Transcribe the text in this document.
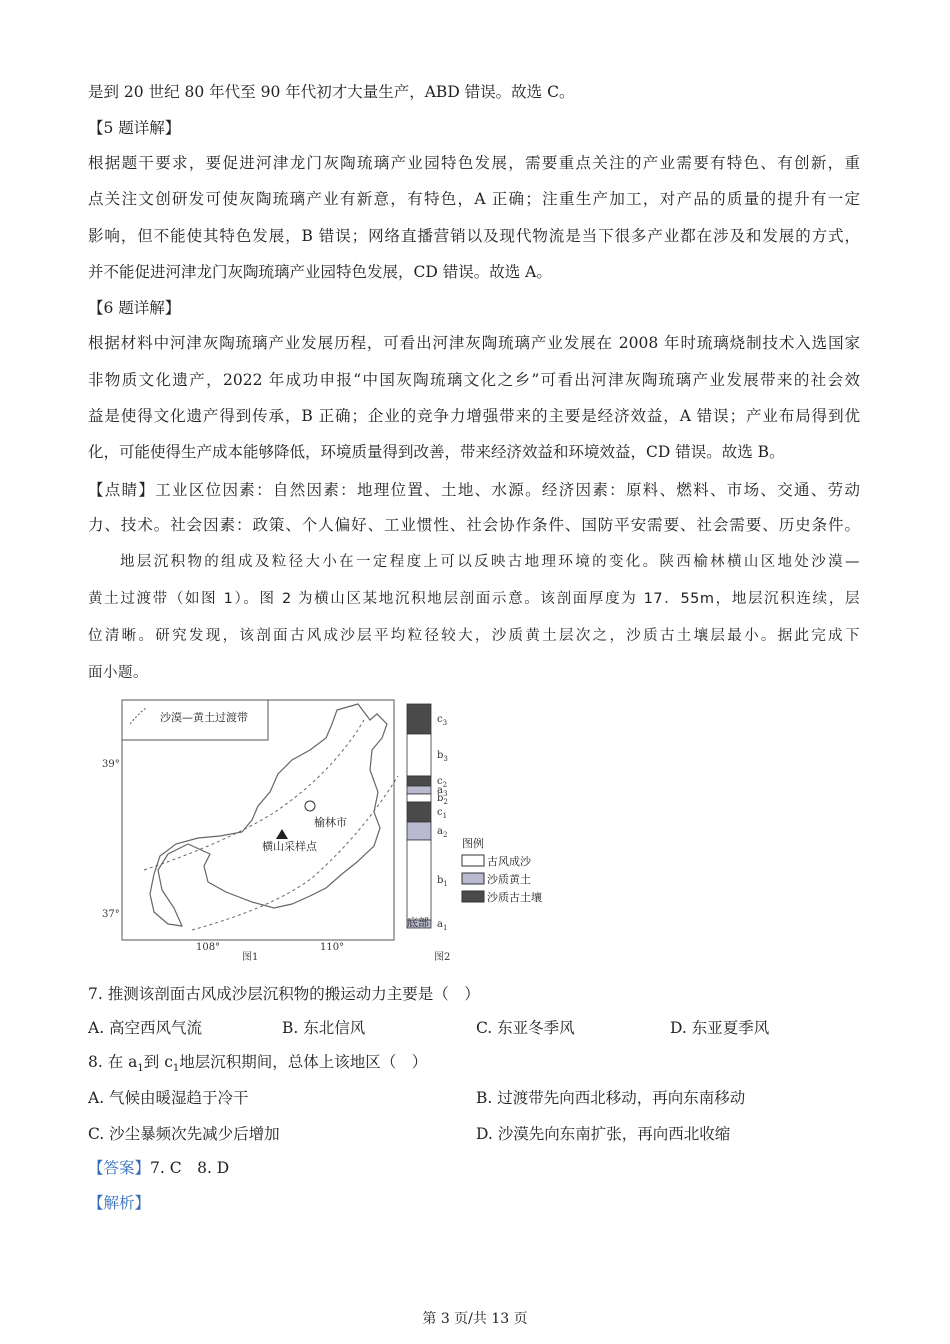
是到 20 世纪 80 年代至 90 年代初才大量生产，ABD 错误。故选 C。
【5 题详解】
根据题干要求，要促进河津龙门灰陶琉璃产业园特色发展，需要重点关注的产业需要有特色、有创新，重
点关注文创研发可使灰陶琉璃产业有新意，有特色，A 正确；注重生产加工，对产品的质量的提升有一定
影响，但不能使其特色发展，B 错误；网络直播营销以及现代物流是当下很多产业都在涉及和发展的方式，
并不能促进河津龙门灰陶琉璃产业园特色发展，CD 错误。故选 A。
【6 题详解】
根据材料中河津灰陶琉璃产业发展历程，可看出河津灰陶琉璃产业发展在 2008 年时琉璃烧制技术入选国家
非物质文化遗产，2022 年成功申报“中国灰陶琉璃文化之乡”可看出河津灰陶琉璃产业发展带来的社会效
益是使得文化遗产得到传承，B 正确；企业的竞争力增强带来的主要是经济效益，A 错误；产业布局得到优
化，可能使得生产成本能够降低，环境质量得到改善，带来经济效益和环境效益，CD 错误。故选 B。
【点睛】工业区位因素：自然因素：地理位置、土地、水源。经济因素：原料、燃料、市场、交通、劳动
力、技术。社会因素：政策、个人偏好、工业惯性、社会协作条件、国防平安需要、社会需要、历史条件。
地层沉积物的组成及粒径大小在一定程度上可以反映古地理环境的变化。陕西榆林横山区地处沙漠—
黄土过渡带（如图 1）。图 2 为横山区某地沉积地层剖面示意。该剖面厚度为 17．55m，地层沉积连续，层
位清晰。研究发现，该剖面古风成沙层平均粒径较大，沙质黄土层次之，沙质古土壤层最小。据此完成下
面小题。
沙漠—黄土过渡带
榆林市
横山采样点
39°
37°
108°	110°
图1
$c_3$
$b_3$
$c_2$
$a_3$
$b_2$
$c_1$
$a_2$
$b_1$
$a_1$
底部
图2
图例
古风成沙
沙质黄土
沙质古土壤
7. 推测该剖面古风成沙层沉积物的搬运动力主要是（　）
A. 高空西风气流	B. 东北信风	C. 东亚冬季风	D. 东亚夏季风
8. 在 $a_1$到 $c_1$地层沉积期间，总体上该地区（　）
A. 气候由暖湿趋于冷干	B. 过渡带先向西北移动，再向东南移动
C. 沙尘暴频次先减少后增加	D. 沙漠先向东南扩张，再向西北收缩
【答案】7. C　8. D
【解析】
第 3 页/共 13 页
